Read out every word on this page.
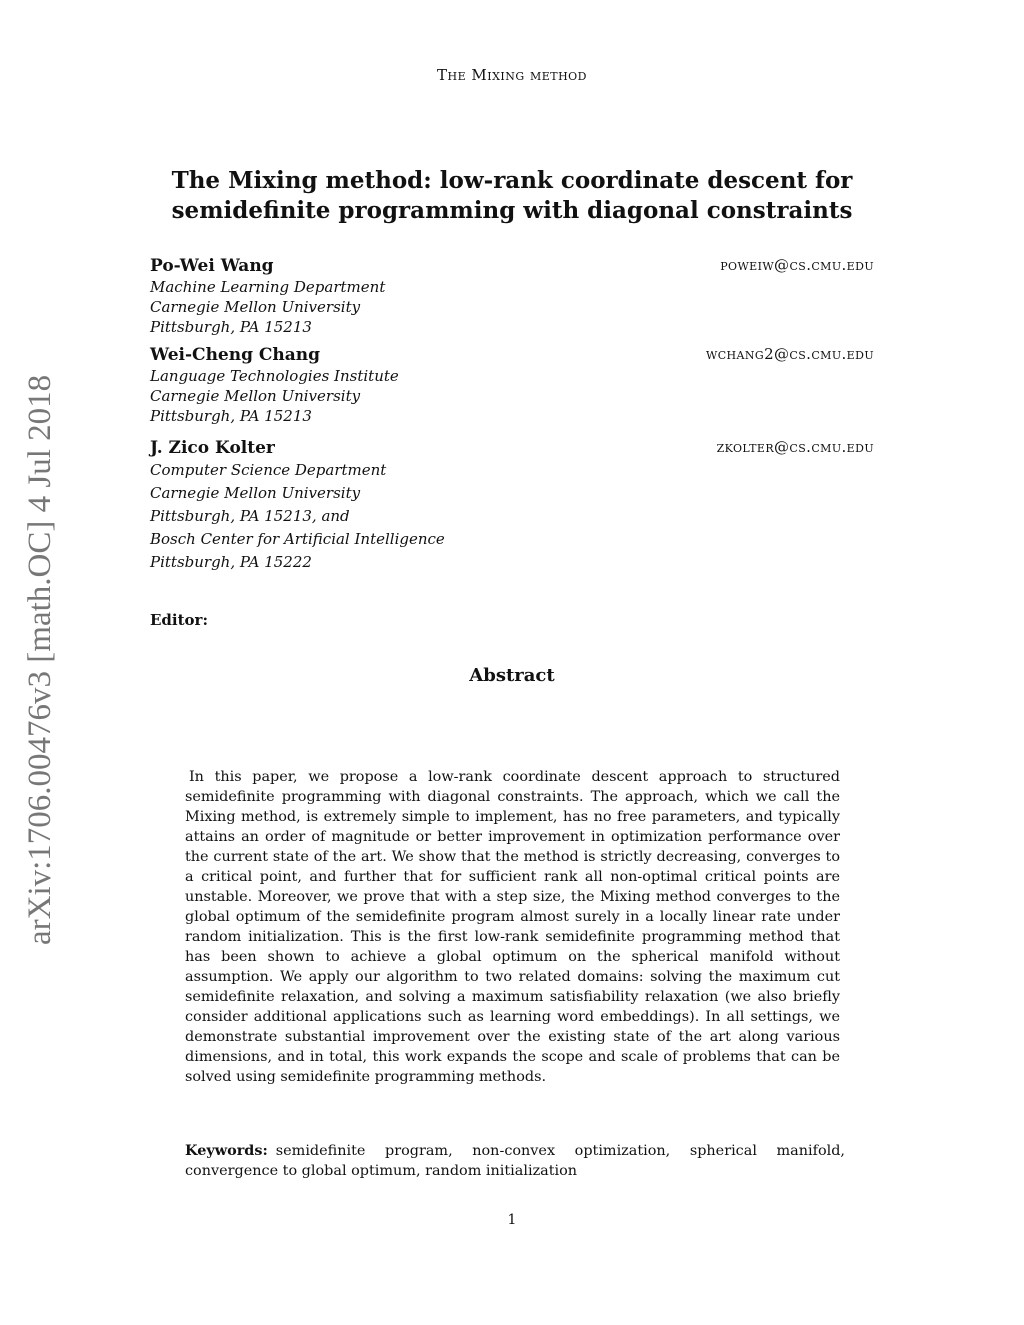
The Mixing method
arXiv:1706.00476v3 [math.OC] 4 Jul 2018
The Mixing method: low-rank coordinate descent for
semidefinite programming with diagonal constraints
Po-Wei Wang	poweiw@cs.cmu.edu
Machine Learning Department
Carnegie Mellon University
Pittsburgh, PA 15213
Wei-Cheng Chang	wchang2@cs.cmu.edu
Language Technologies Institute
Carnegie Mellon University
Pittsburgh, PA 15213
J. Zico Kolter	zkolter@cs.cmu.edu
Computer Science Department
Carnegie Mellon University
Pittsburgh, PA 15213, and
Bosch Center for Artificial Intelligence
Pittsburgh, PA 15222
Editor:
Abstract

In this paper, we propose a low-rank coordinate descent approach to structured semidefinite programming with diagonal constraints. The approach, which we call the Mixing method, is extremely simple to implement, has no free parameters, and typically attains an order of magnitude or better improvement in optimization performance over the current state of the art. We show that the method is strictly decreasing, converges to a critical point, and further that for sufficient rank all non-optimal critical points are unstable. Moreover, we prove that with a step size, the Mixing method converges to the global optimum of the semidefinite program almost surely in a locally linear rate under random initialization. This is the first low-rank semidefinite programming method that has been shown to achieve a global optimum on the spherical manifold without assumption. We apply our algorithm to two related domains: solving the maximum cut semidefinite relaxation, and solving a maximum satisfiability relaxation (we also briefly consider additional applications such as learning word embeddings). In all settings, we demonstrate substantial improvement over the existing state of the art along various dimensions, and in total, this work expands the scope and scale of problems that can be solved using semidefinite programming methods.

Keywords: semidefinite program, non-convex optimization, spherical manifold, convergence to global optimum, random initialization
1
